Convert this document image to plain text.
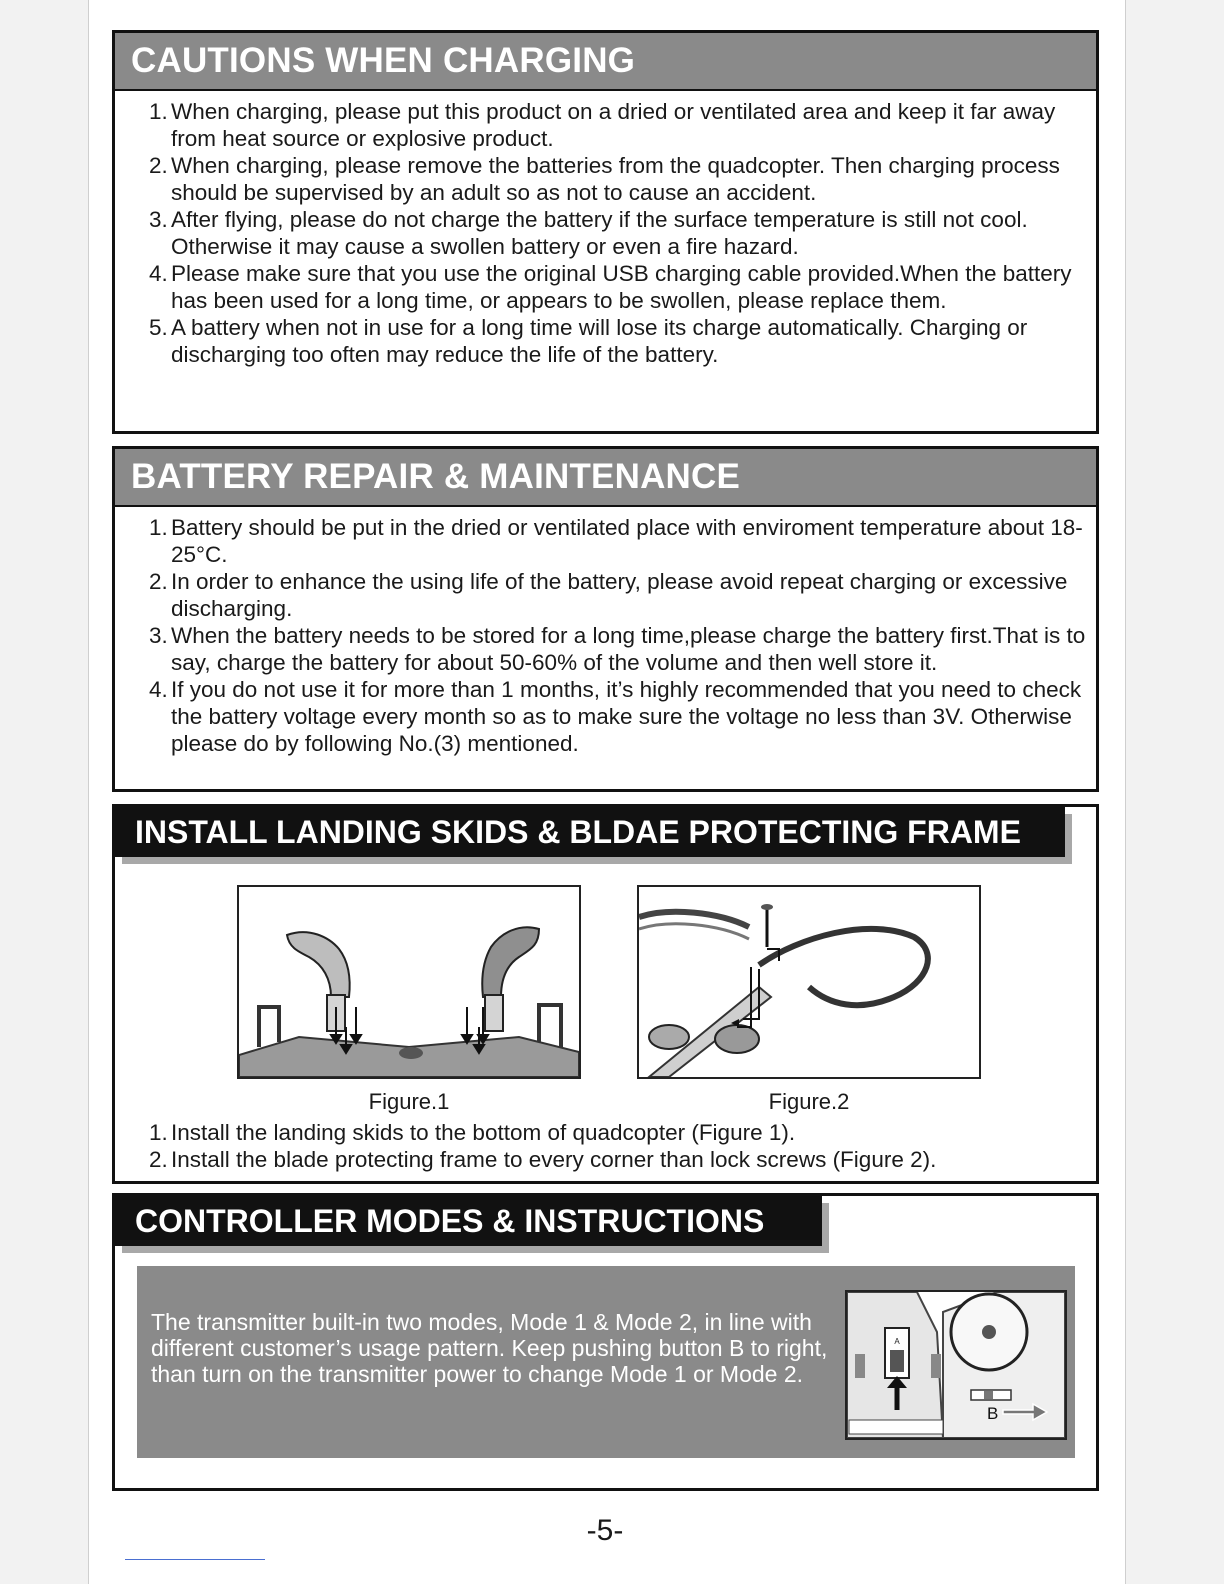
CAUTIONS WHEN CHARGING
1. When charging, please put this product on a dried or ventilated area and keep it far away from heat source or explosive product.
2. When charging, please remove the batteries from the quadcopter. Then charging process should be supervised by an adult so as not to cause an accident.
3. After flying, please do not charge the battery if the surface temperature is still not cool. Otherwise it may cause a swollen battery or even a fire hazard.
4. Please make sure that you use the original USB charging cable provided.When the battery has been used for a long time, or appears to be swollen, please replace them.
5. A battery when not in use for a long time will lose its charge automatically. Charging or discharging too often may reduce the life of the battery.
BATTERY REPAIR & MAINTENANCE
1. Battery should be put in the dried or ventilated place with enviroment temperature about 18-25°C.
2. In order to enhance the using life of the battery, please avoid repeat charging or excessive discharging.
3. When the battery needs to be stored for a long time,please charge the battery first.That is to say, charge the battery for about 50-60% of the volume and then well store it.
4. If you do not use it for more than 1 months, it’s highly recommended that you need to check the battery voltage every month so as to make sure the voltage no less than 3V. Otherwise please do by following No.(3) mentioned.
INSTALL LANDING SKIDS & BLDAE PROTECTING FRAME
Figure.1	Figure.2
1. Install the landing skids to the bottom of quadcopter (Figure 1).
2. Install the blade protecting frame to every corner than lock screws (Figure 2).
CONTROLLER MODES & INSTRUCTIONS
The transmitter built-in two modes, Mode 1 & Mode 2, in line with different customer’s usage pattern. Keep pushing button B to right, than turn on the transmitter power to change Mode 1 or Mode 2.
A
B
-5-
